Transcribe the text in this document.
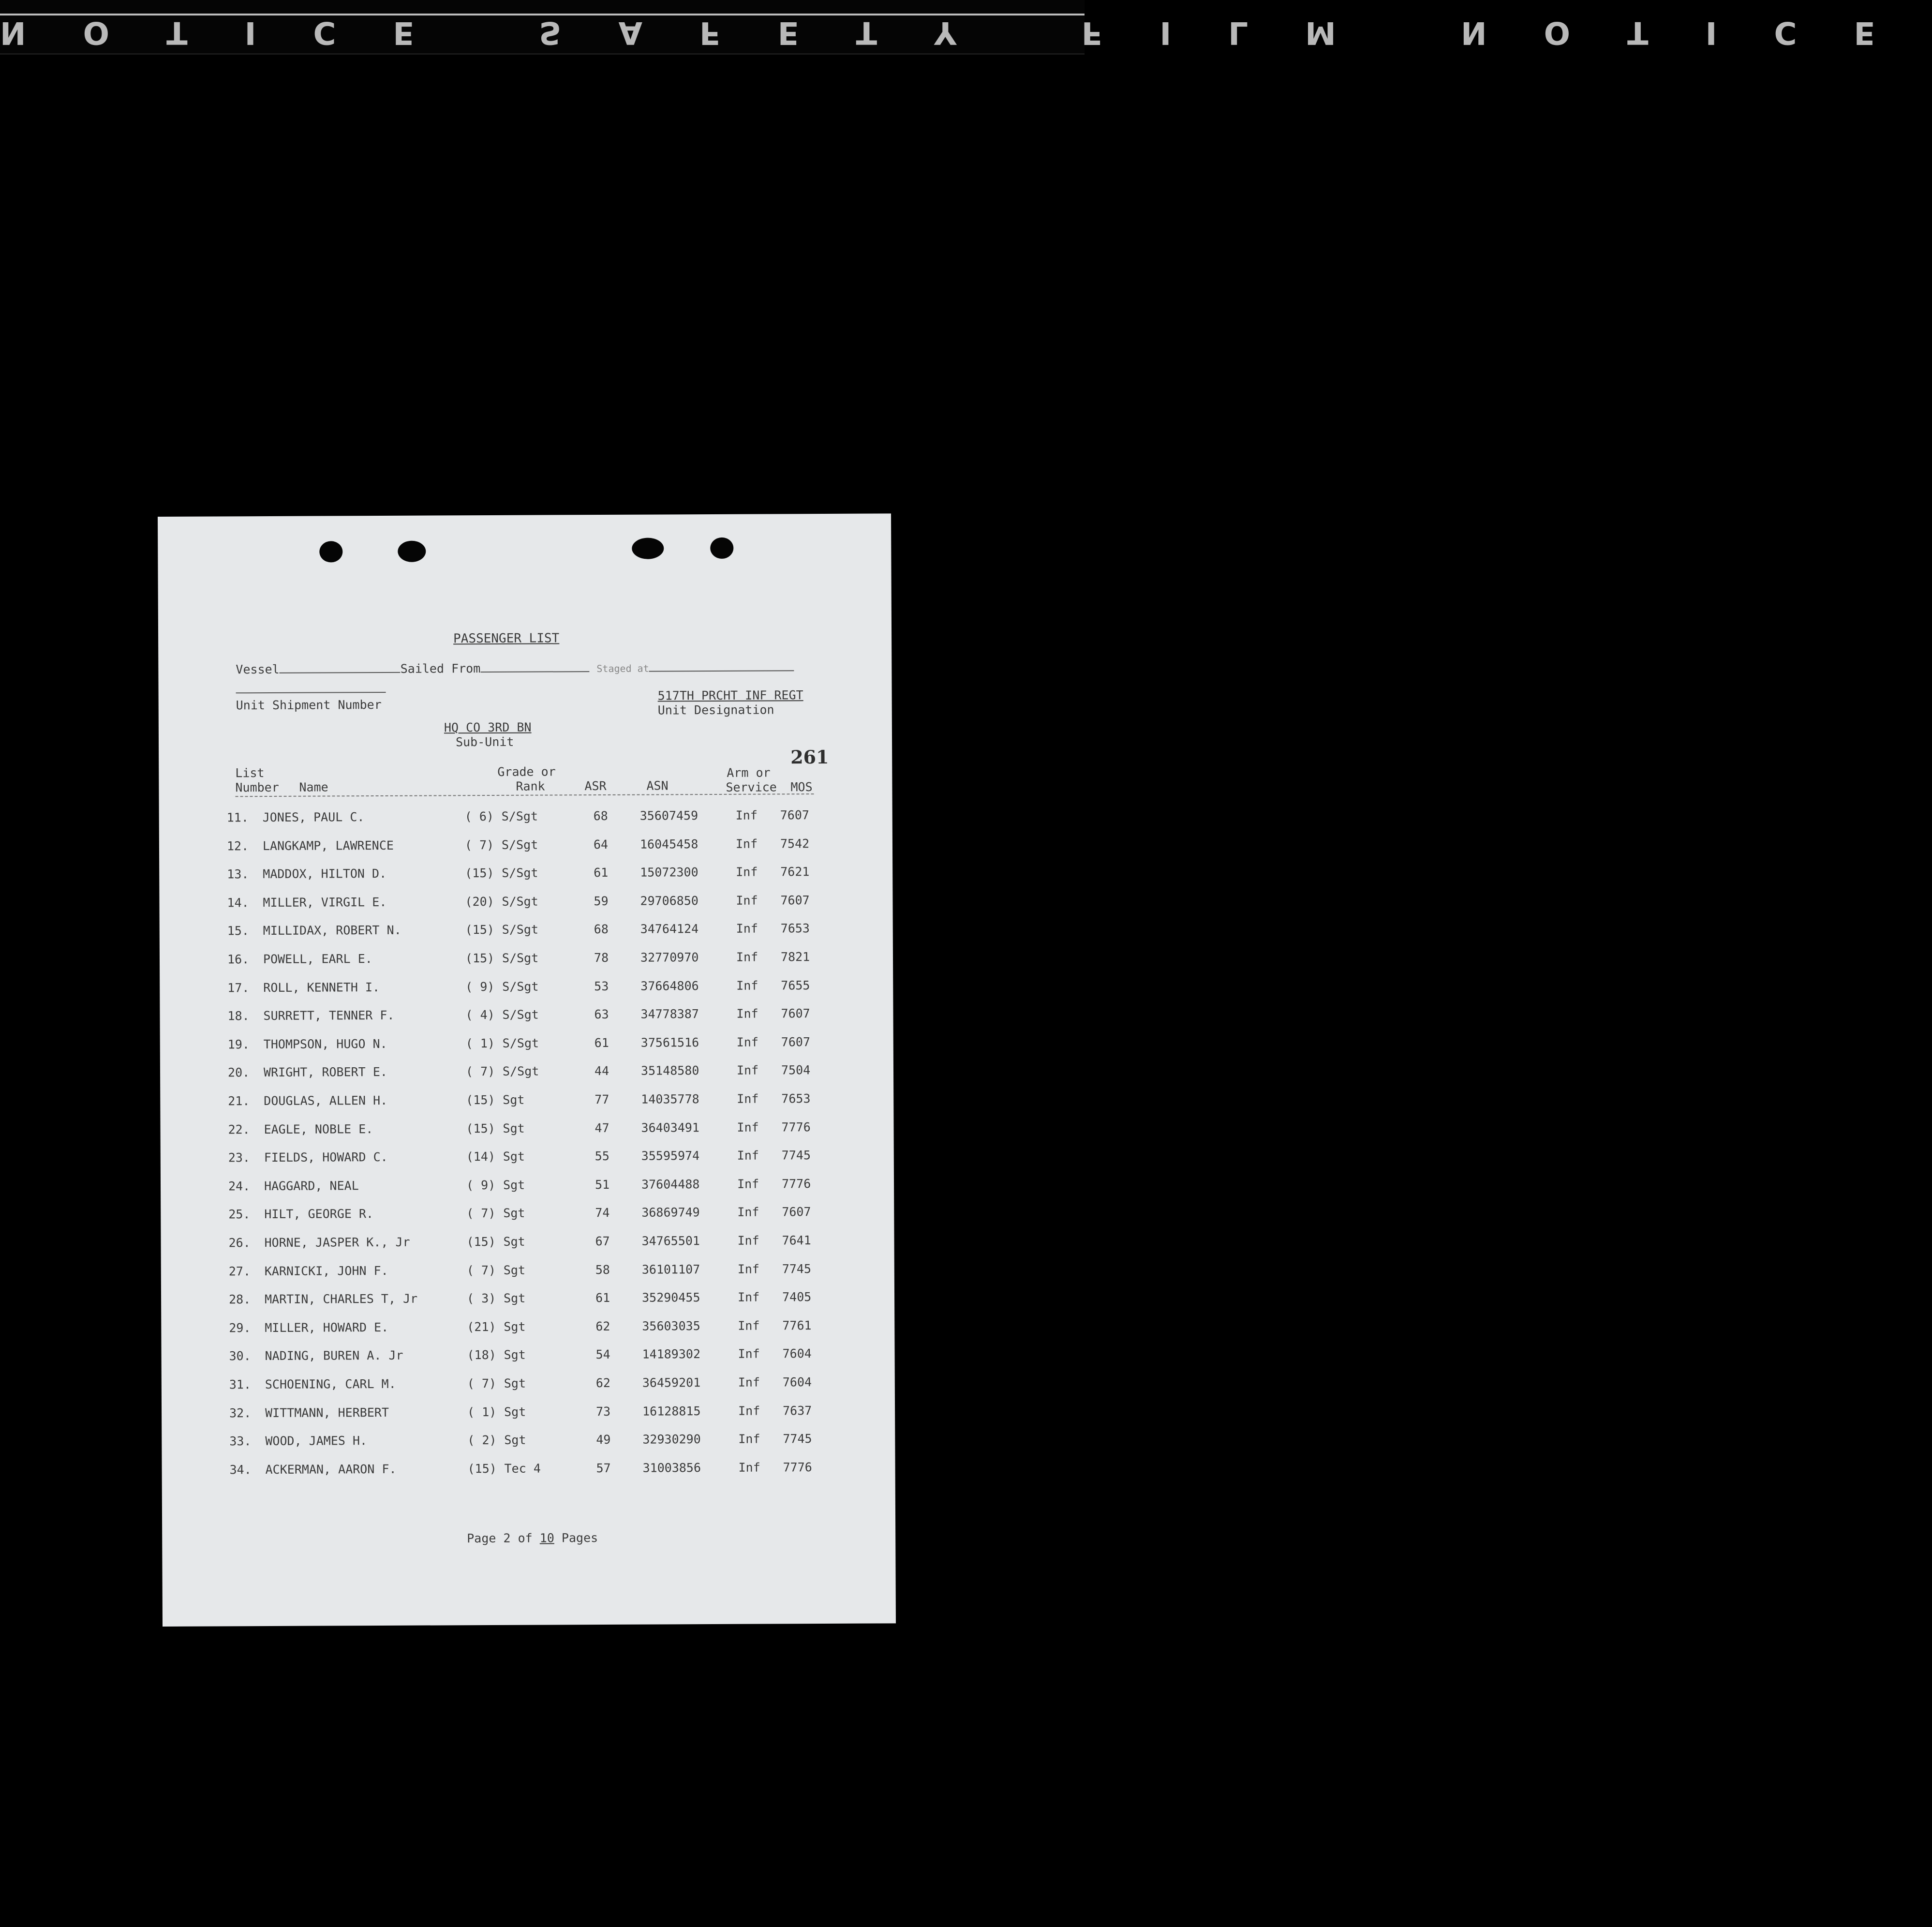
NOTICE SAFETY FILM NOTICE
PASSENGER LIST
Vessel	Sailed From	Staged at
Unit Shipment Number
517TH PRCHT INF REGT
Unit Designation
HQ CO 3RD BN
Sub-Unit
261
List
Number Name
Grade or
Rank	ASR	ASN
Arm or
Service MOS
11. JONES, PAUL C.	( 6) S/Sgt	68	35607459	Inf 7607
12. LANGKAMP, LAWRENCE	( 7) S/Sgt	64	16045458	Inf 7542
13. MADDOX, HILTON D.	(15) S/Sgt	61	15072300	Inf 7621
14. MILLER, VIRGIL E.	(20) S/Sgt	59	29706850	Inf 7607
15. MILLIDAX, ROBERT N.	(15) S/Sgt	68	34764124	Inf 7653
16. POWELL, EARL E.	(15) S/Sgt	78	32770970	Inf 7821
17. ROLL, KENNETH I.	( 9) S/Sgt	53	37664806	Inf 7655
18. SURRETT, TENNER F.	( 4) S/Sgt	63	34778387	Inf 7607
19. THOMPSON, HUGO N.	( 1) S/Sgt	61	37561516	Inf 7607
20. WRIGHT, ROBERT E.	( 7) S/Sgt	44	35148580	Inf 7504
21. DOUGLAS, ALLEN H.	(15) Sgt	77	14035778	Inf 7653
22. EAGLE, NOBLE E.	(15) Sgt	47	36403491	Inf 7776
23. FIELDS, HOWARD C.	(14) Sgt	55	35595974	Inf 7745
24. HAGGARD, NEAL	( 9) Sgt	51	37604488	Inf 7776
25. HILT, GEORGE R.	( 7) Sgt	74	36869749	Inf 7607
26. HORNE, JASPER K., Jr	(15) Sgt	67	34765501	Inf 7641
27. KARNICKI, JOHN F.	( 7) Sgt	58	36101107	Inf 7745
28. MARTIN, CHARLES T, Jr	( 3) Sgt	61	35290455	Inf 7405
29. MILLER, HOWARD E.	(21) Sgt	62	35603035	Inf 7761
30. NADING, BUREN A. Jr	(18) Sgt	54	14189302	Inf 7604
31. SCHOENING, CARL M.	( 7) Sgt	62	36459201	Inf 7604
32. WITTMANN, HERBERT	( 1) Sgt	73	16128815	Inf 7637
33. WOOD, JAMES H.	( 2) Sgt	49	32930290	Inf 7745
34. ACKERMAN, AARON F.	(15) Tec 4	57	31003856	Inf 7776
Page 2 of 10 Pages
